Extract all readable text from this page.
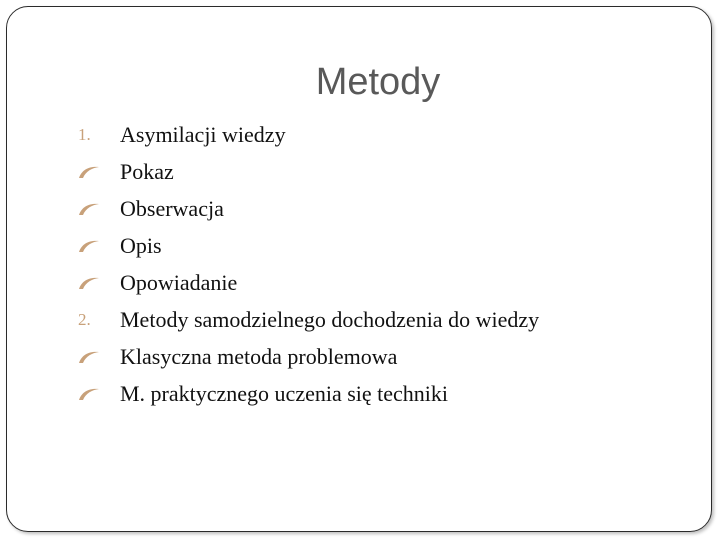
Metody
1.	Asymilacji wiedzy
Pokaz
Obserwacja
Opis
Opowiadanie
2.	Metody samodzielnego dochodzenia do wiedzy
Klasyczna metoda problemowa
M. praktycznego uczenia się techniki
